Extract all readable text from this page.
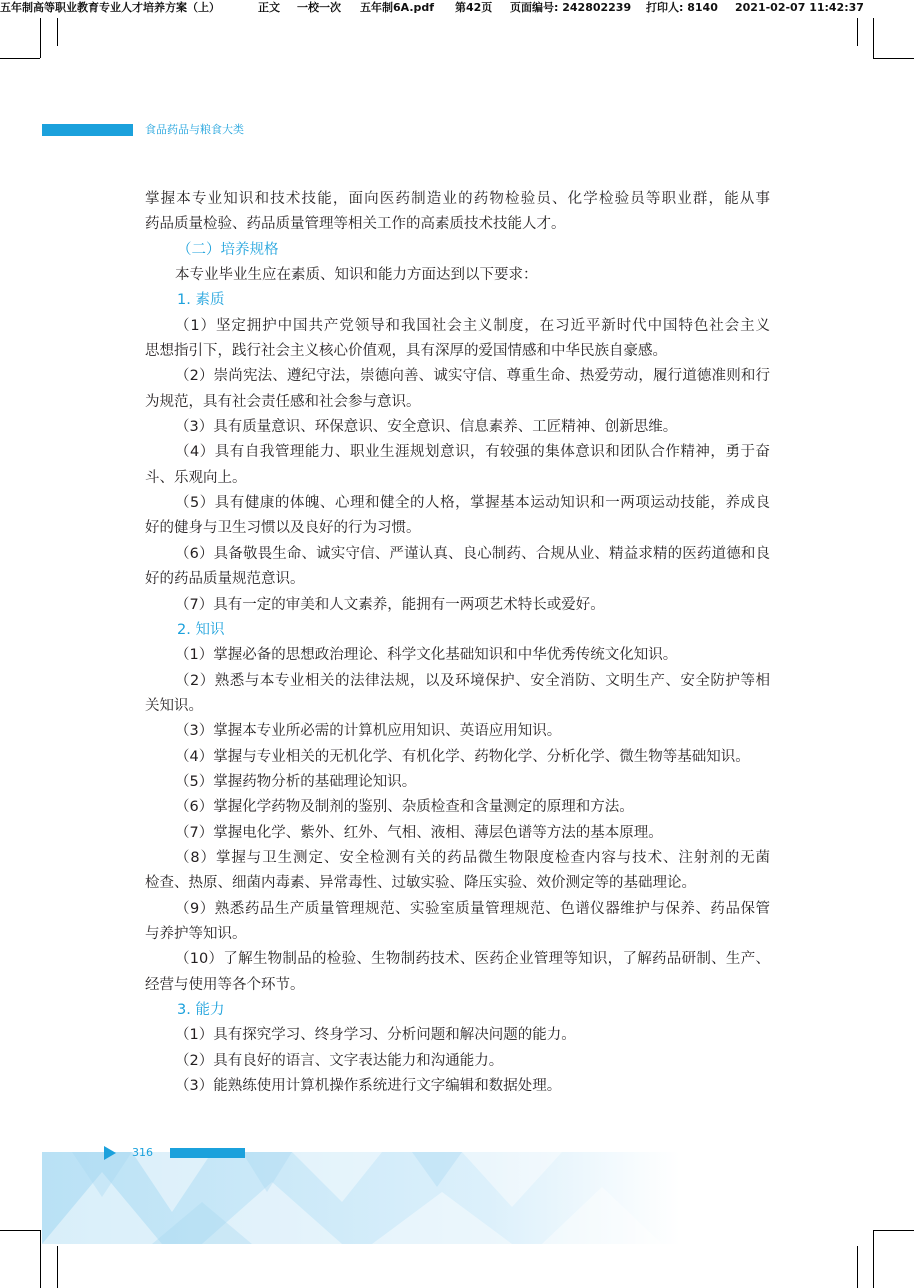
五年制高等职业教育专业人才培养方案（上）	正文 一校一次 五年制6A.pdf 第42页 页面编号: 242802239 打印人: 8140 2021-02-07 11:42:37
食品药品与粮食大类
掌握本专业知识和技术技能，面向医药制造业的药物检验员、化学检验员等职业群，能从事
药品质量检验、药品质量管理等相关工作的高素质技术技能人才。
（二）培养规格
本专业毕业生应在素质、知识和能力方面达到以下要求：
1. 素质
（1）坚定拥护中国共产党领导和我国社会主义制度，在习近平新时代中国特色社会主义
思想指引下，践行社会主义核心价值观，具有深厚的爱国情感和中华民族自豪感。
（2）崇尚宪法、遵纪守法，崇德向善、诚实守信、尊重生命、热爱劳动，履行道德准则和行
为规范，具有社会责任感和社会参与意识。
（3）具有质量意识、环保意识、安全意识、信息素养、工匠精神、创新思维。
（4）具有自我管理能力、职业生涯规划意识，有较强的集体意识和团队合作精神，勇于奋
斗、乐观向上。
（5）具有健康的体魄、心理和健全的人格，掌握基本运动知识和一两项运动技能，养成良
好的健身与卫生习惯以及良好的行为习惯。
（6）具备敬畏生命、诚实守信、严谨认真、良心制药、合规从业、精益求精的医药道德和良
好的药品质量规范意识。
（7）具有一定的审美和人文素养，能拥有一两项艺术特长或爱好。
2. 知识
（1）掌握必备的思想政治理论、科学文化基础知识和中华优秀传统文化知识。
（2）熟悉与本专业相关的法律法规，以及环境保护、安全消防、文明生产、安全防护等相
关知识。
（3）掌握本专业所必需的计算机应用知识、英语应用知识。
（4）掌握与专业相关的无机化学、有机化学、药物化学、分析化学、微生物等基础知识。
（5）掌握药物分析的基础理论知识。
（6）掌握化学药物及制剂的鉴别、杂质检查和含量测定的原理和方法。
（7）掌握电化学、紫外、红外、气相、液相、薄层色谱等方法的基本原理。
（8）掌握与卫生测定、安全检测有关的药品微生物限度检查内容与技术、注射剂的无菌
检查、热原、细菌内毒素、异常毒性、过敏实验、降压实验、效价测定等的基础理论。
（9）熟悉药品生产质量管理规范、实验室质量管理规范、色谱仪器维护与保养、药品保管
与养护等知识。
（10）了解生物制品的检验、生物制药技术、医药企业管理等知识，了解药品研制、生产、
经营与使用等各个环节。
3. 能力
（1）具有探究学习、终身学习、分析问题和解决问题的能力。
（2）具有良好的语言、文字表达能力和沟通能力。
（3）能熟练使用计算机操作系统进行文字编辑和数据处理。
316
